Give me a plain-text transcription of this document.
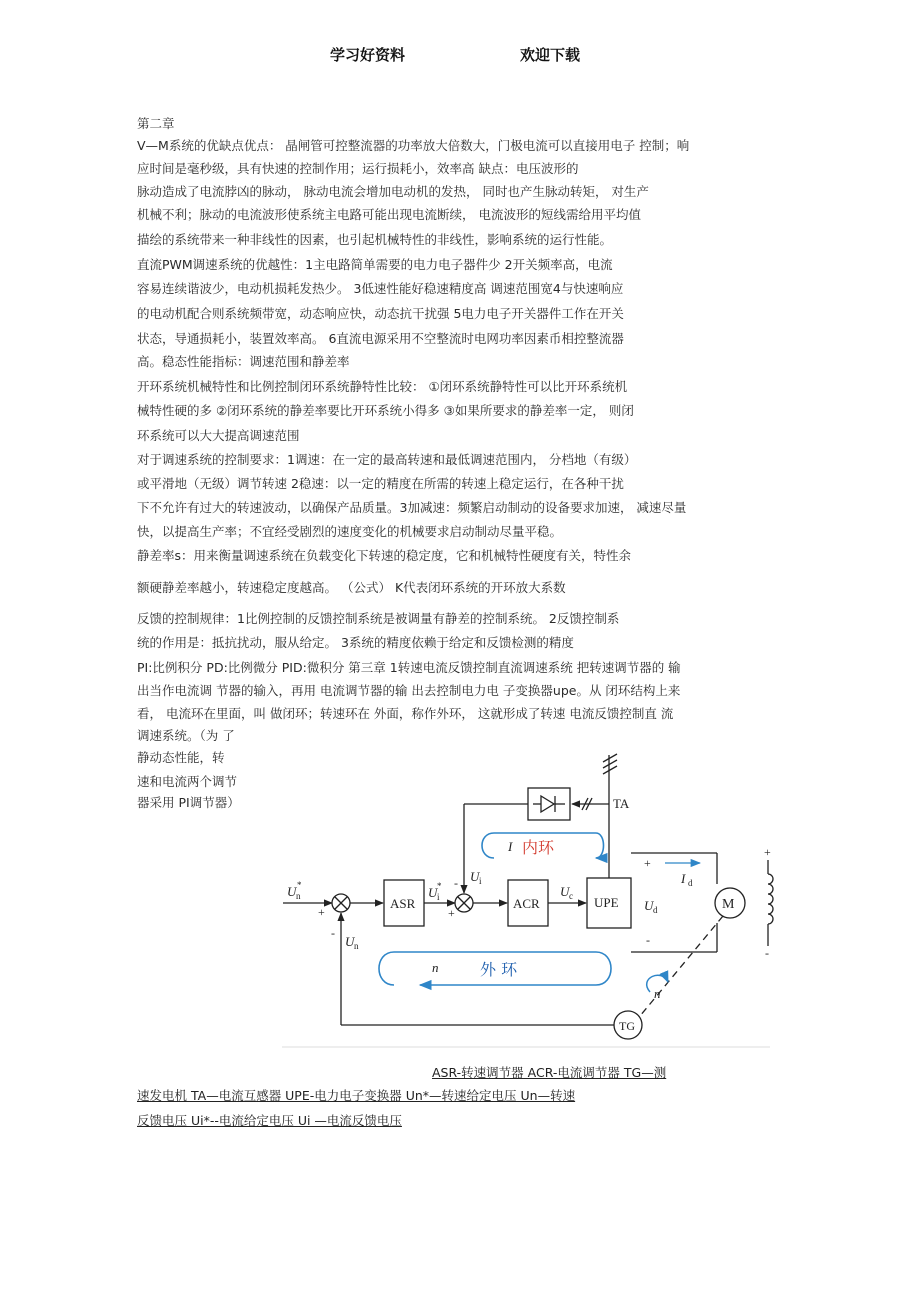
学习好资料	欢迎下载
第二章
V—M系统的优缺点优点： 晶闸管可控整流器的功率放大倍数大，门极电流可以直接用电子 控制；响
应时间是毫秒级，具有快速的控制作用；运行损耗小，效率高 缺点：电压波形的
脉动造成了电流脖凶的脉动， 脉动电流会增加电动机的发热， 同时也产生脉动转矩， 对生产
机械不利；脉动的电流波形使系统主电路可能出现电流断续， 电流波形的短线需给用平均值
描绘的系统带来一种非线性的因素，也引起机械特性的非线性，影响系统的运行性能。
直流PWM调速系统的优越性：1主电路简单需要的电力电子器件少 2开关频率高，电流
容易连续谐波少，电动机损耗发热少。 3低速性能好稳速精度高 调速范围宽4与快速响应
的电动机配合则系统频带宽，动态响应快，动态抗干扰强 5电力电子开关器件工作在开关
状态，导通损耗小，装置效率高。 6直流电源采用不空整流时电网功率因素币相控整流器
高。稳态性能指标：调速范围和静差率
开环系统机械特性和比例控制闭环系统静特性比较： ①闭环系统静特性可以比开环系统机
械特性硬的多 ②闭环系统的静差率要比开环系统小得多 ③如果所要求的静差率一定， 则闭
环系统可以大大提高调速范围
对于调速系统的控制要求：1调速：在一定的最高转速和最低调速范围内， 分档地（有级）
或平滑地（无级）调节转速 2稳速：以一定的精度在所需的转速上稳定运行，在各种干扰
下不允许有过大的转速波动，以确保产品质量。3加减速：频繁启动制动的设备要求加速， 减速尽量
快，以提高生产率；不宜经受剧烈的速度变化的机械要求启动制动尽量平稳。
静差率s：用来衡量调速系统在负载变化下转速的稳定度，它和机械特性硬度有关，特性余
额硬静差率越小，转速稳定度越高。 （公式） K代表闭环系统的开环放大系数
反馈的控制规律：1比例控制的反馈控制系统是被调量有静差的控制系统。 2反馈控制系
统的作用是：抵抗扰动，服从给定。 3系统的精度依赖于给定和反馈检测的精度
PI:比例积分 PD:比例微分 PID:微积分 第三章 1转速电流反馈控制直流调速系统 把转速调节器的 输
出当作电流调 节器的输入，再用 电流调节器的输 出去控制电力电 子变换器upe。从 闭环结构上来
看， 电流环在里面，叫 做闭环；转速环在 外面，称作外环， 这就形成了转速 电流反馈控制直 流
调速系统。（为 了
静动态性能，转
速和电流两个调节
器采用 PI调节器）
U n
*
+
ASR
U i
*
+
- U i
ACR
U c UPE
TA
I 内环
+
-
I d
U d	M
+
-
n
TG
-
U n
n	外 环
ASR-转速调节器 ACR-电流调节器 TG—测
速发电机 TA—电流互感器 UPE-电力电子变换器 Un*—转速给定电压 Un—转速
反馈电压 Ui*--电流给定电压 Ui —电流反馈电压
